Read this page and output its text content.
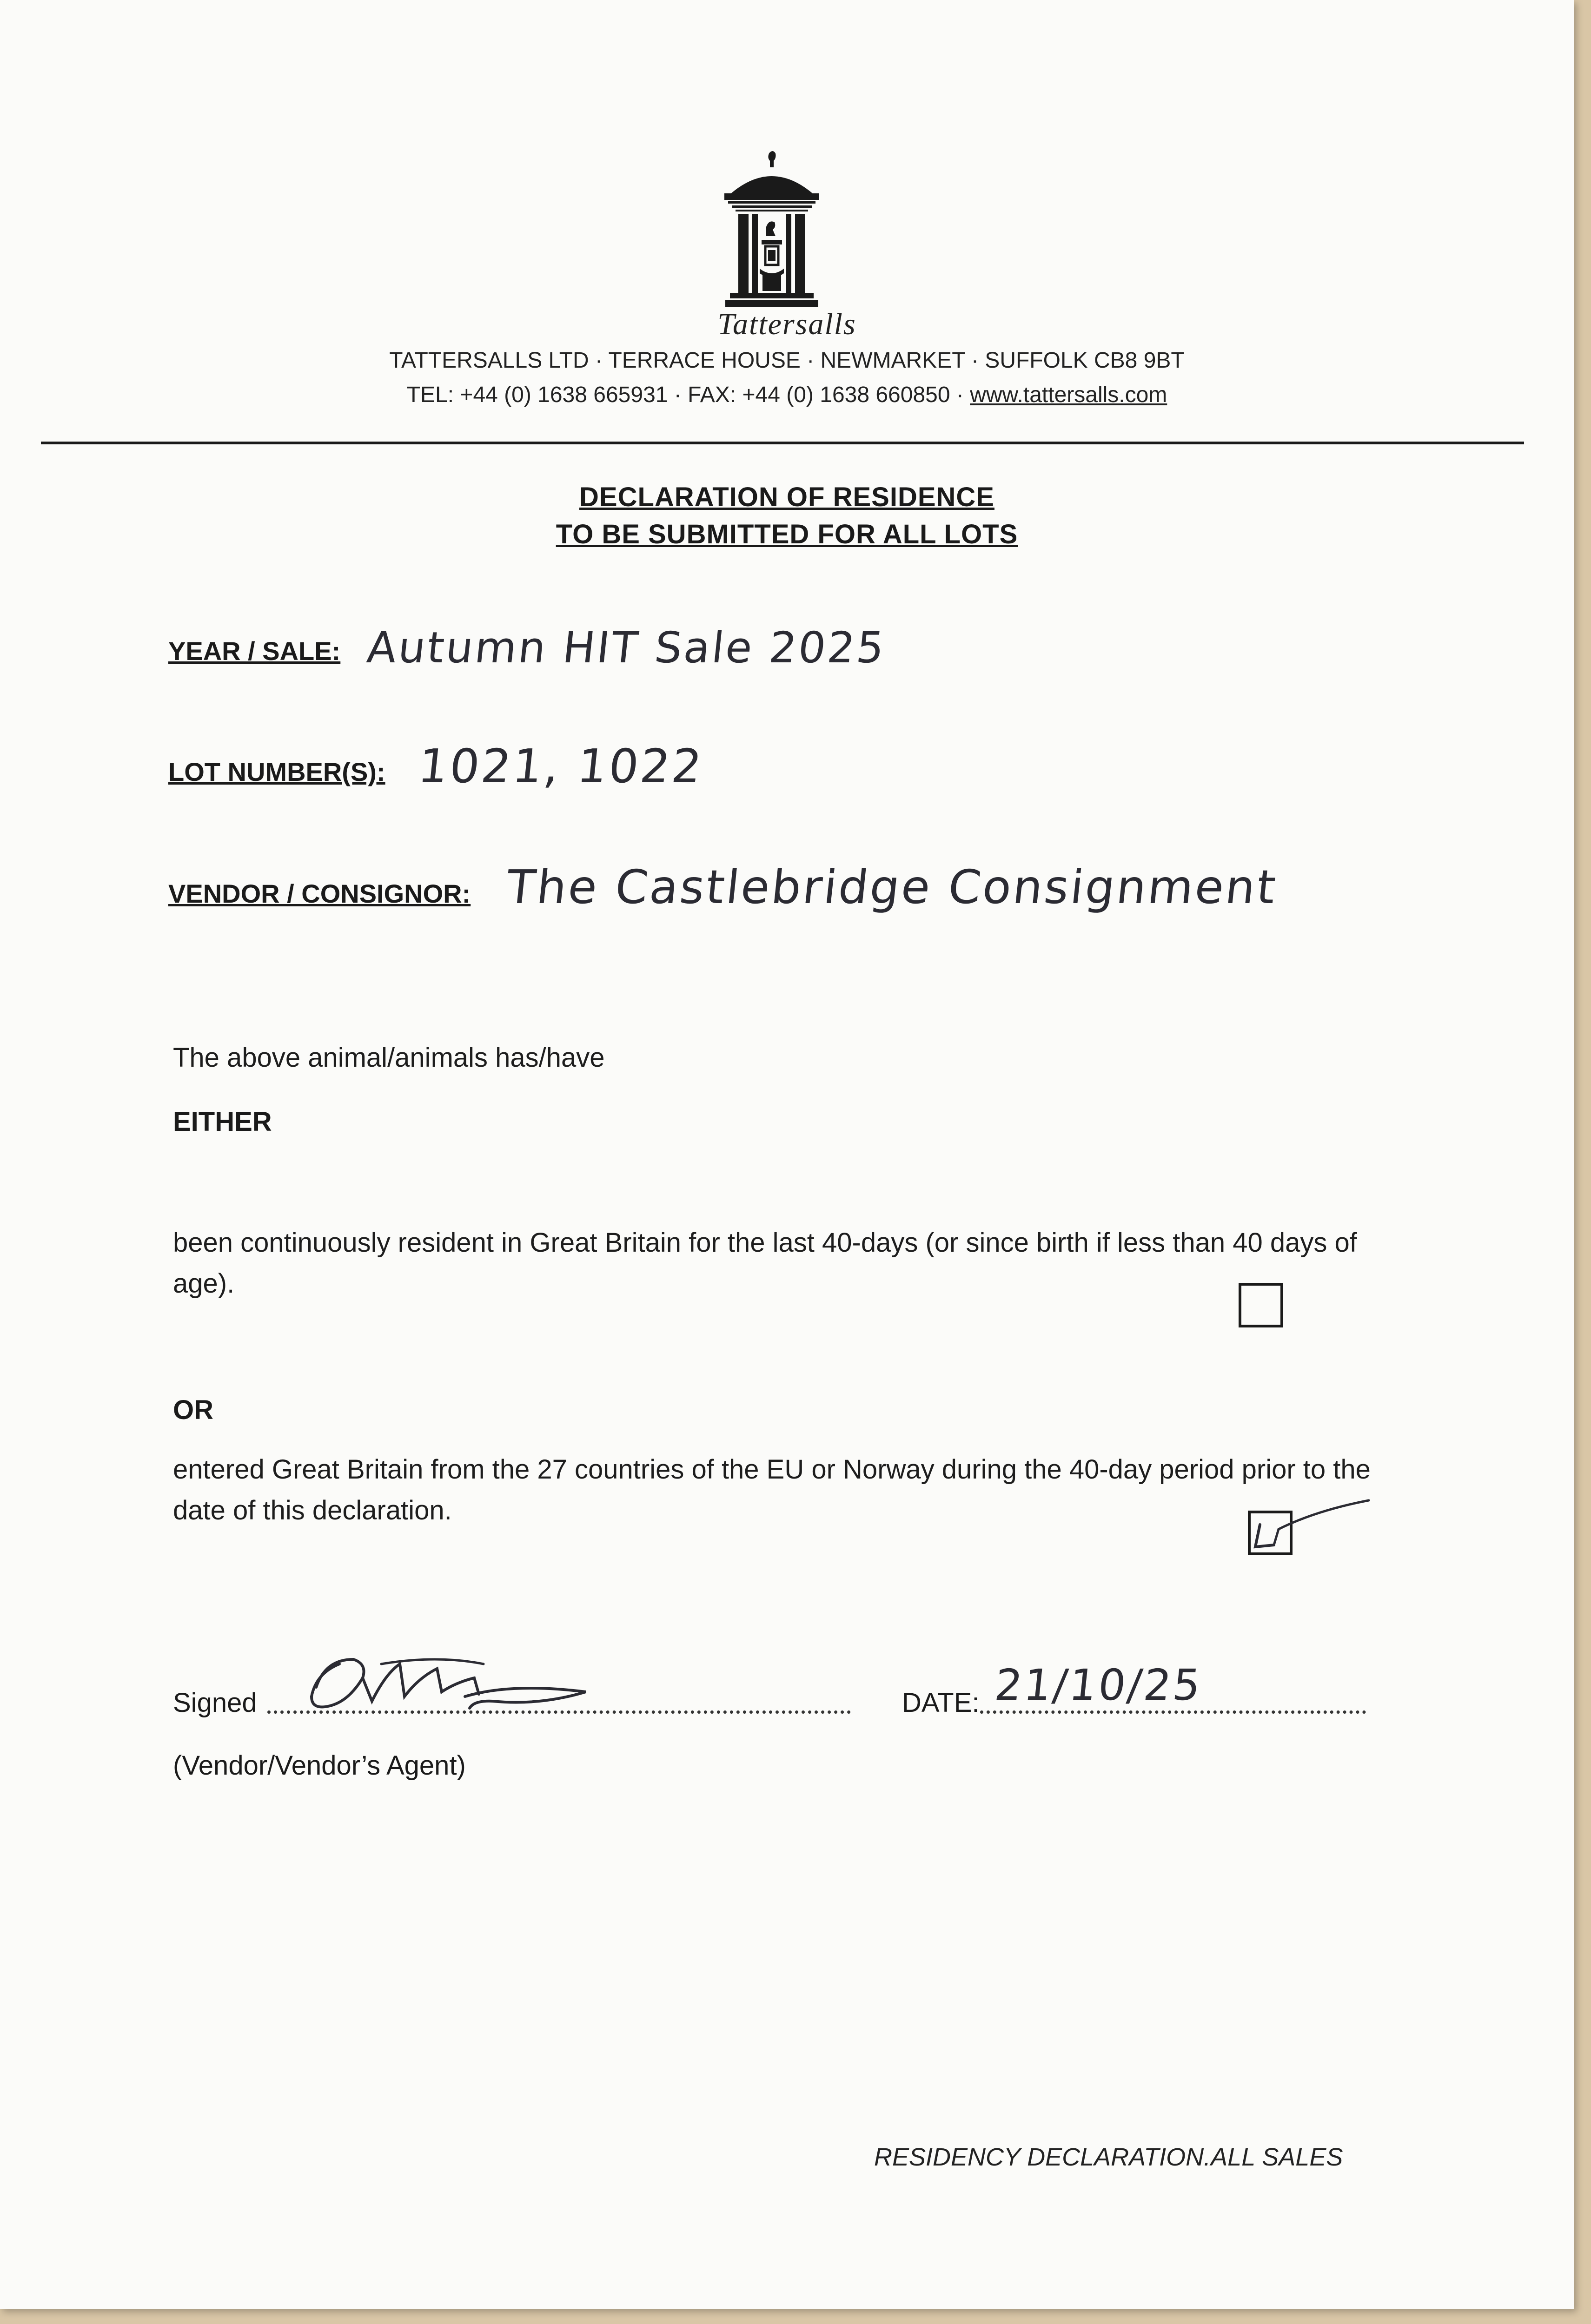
Tattersalls
TATTERSALLS LTD · TERRACE HOUSE · NEWMARKET · SUFFOLK CB8 9BT
TEL: +44 (0) 1638 665931 · FAX: +44 (0) 1638 660850 · www.tattersalls.com
DECLARATION OF RESIDENCE
TO BE SUBMITTED FOR ALL LOTS
YEAR / SALE: Autumn HIT Sale 2025
LOT NUMBER(S): 1021, 1022
VENDOR / CONSIGNOR: The Castlebridge Consignment
The above animal/animals has/have
EITHER
been continuously resident in Great Britain for the last 40-days (or since birth if less than 40 days of age).
OR
entered Great Britain from the 27 countries of the EU or Norway during the 40-day period prior to the date of this declaration.
Signed	DATE: 21/10/25
(Vendor/Vendor’s Agent)
RESIDENCY DECLARATION.ALL SALES
